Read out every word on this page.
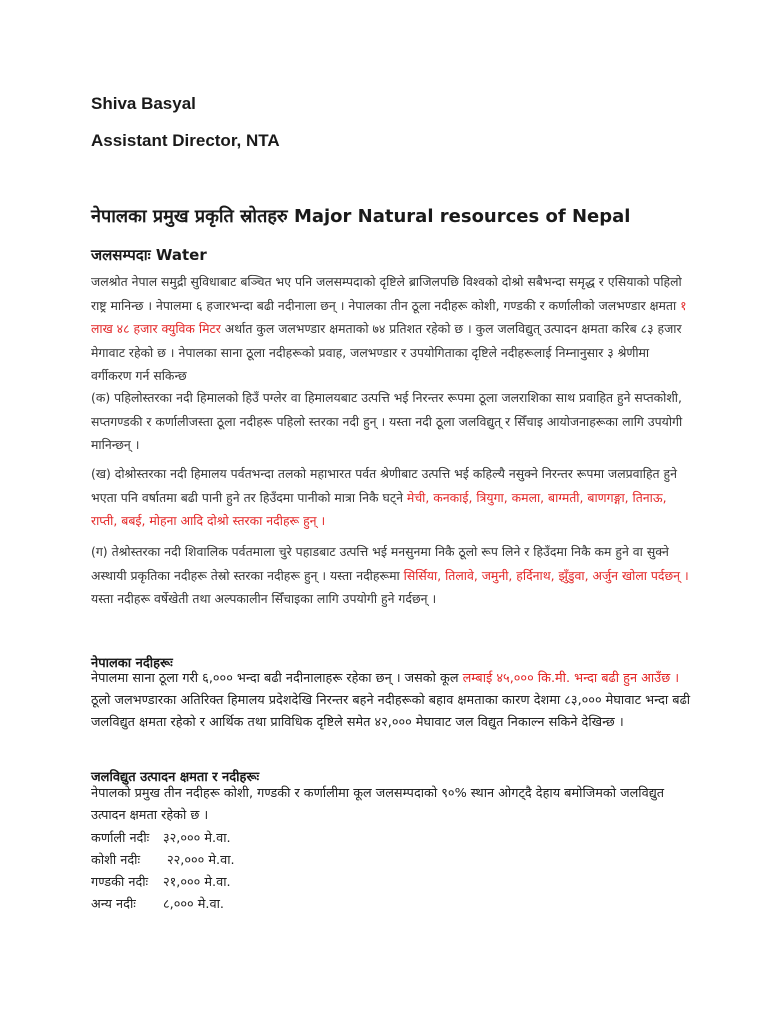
Shiva Basyal
Assistant Director, NTA
नेपालका प्रमुख प्रकृति स्रोतहरु Major Natural resources of Nepal
जलसम्पदाः Water
जलश्रोत नेपाल समुद्री सुविधाबाट बञ्चित भए पनि जलसम्पदाको दृष्टिले ब्राजिलपछि विश्वको दोश्रो सबैभन्दा समृद्ध र एसियाको पहिलो राष्ट्र मानिन्छ । नेपालमा ६ हजारभन्दा बढी नदीनाला छन् । नेपालका तीन ठूला नदीहरू कोशी, गण्डकी र कर्णालीको जलभण्डार क्षमता १ लाख ४८ हजार क्युविक मिटर अर्थात कुल जलभण्डार क्षमताको ७४ प्रतिशत रहेको छ । कुल जलविद्युत् उत्पादन क्षमता करिब ८३ हजार मेगावाट रहेको छ । नेपालका साना ठूला नदीहरूको प्रवाह, जलभण्डार र उपयोगिताका दृष्टिले नदीहरूलाई निम्नानुसार ३ श्रेणीमा वर्गीकरण गर्न सकिन्छ
(क) पहिलोस्तरका नदी हिमालको हिउँ पग्लेर वा हिमालयबाट उत्पत्ति भई निरन्तर रूपमा ठूला जलराशिका साथ प्रवाहित हुने सप्तकोशी, सप्तगण्डकी र कर्णालीजस्ता ठूला नदीहरू पहिलो स्तरका नदी हुन् । यस्ता नदी ठूला जलविद्युत् र सिँचाइ आयोजनाहरूका लागि उपयोगी मानिन्छन् ।
(ख) दोश्रोस्तरका नदी हिमालय पर्वतभन्दा तलको महाभारत पर्वत श्रेणीबाट उत्पत्ति भई कहिल्यै नसुक्ने निरन्तर रूपमा जलप्रवाहित हुने भएता पनि वर्षातमा बढी पानी हुने तर हिउँदमा पानीको मात्रा निकै घट्ने मेची, कनकाई, त्रियुगा, कमला, बाग्मती, बाणगङ्गा, तिनाऊ, राप्ती, बबई, मोहना आदि दोश्रो स्तरका नदीहरू हुन् ।
(ग) तेश्रोस्तरका नदी शिवालिक पर्वतमाला चुरे पहाडबाट उत्पत्ति भई मनसुनमा निकै ठूलो रूप लिने र हिउँदमा निकै कम हुने वा सुक्ने अस्थायी प्रकृतिका नदीहरू तेस्रो स्तरका नदीहरू हुन् । यस्ता नदीहरूमा सिर्सिया, तिलावे, जमुनी, हर्दिनाथ, झुँडुवा, अर्जुन खोला पर्दछन् । यस्ता नदीहरू वर्षेखेती तथा अल्पकालीन सिँचाइका लागि उपयोगी हुने गर्दछन् ।
नेपालका नदीहरूः
नेपालमा साना ठूला गरी ६,००० भन्दा बढी नदीनालाहरू रहेका छन् । जसको कूल लम्बाई ४५,००० कि.मी. भन्दा बढी हुन आउँछ । ठूलो जलभण्डारका अतिरिक्त हिमालय प्रदेशदेखि निरन्तर बहने नदीहरूको बहाव क्षमताका कारण देशमा ८३,००० मेघावाट भन्दा बढी जलविद्युत क्षमता रहेको र आर्थिक तथा प्राविधिक दृष्टिले समेत ४२,००० मेघावाट जल विद्युत निकाल्न सकिने देखिन्छ ।
जलविद्युत उत्पादन क्षमता र नदीहरूः
नेपालको प्रमुख तीन नदीहरू कोशी, गण्डकी र कर्णालीमा कूल जलसम्पदाको ९०% स्थान ओगट्दै देहाय बमोजिमको जलविद्युत उत्पादन क्षमता रहेको छ ।
कर्णाली नदीः	३२,००० मे.वा.
कोशी नदीः	२२,००० मे.वा.
गण्डकी नदीः	२१,००० मे.वा.
अन्य नदीः	८,००० मे.वा.
